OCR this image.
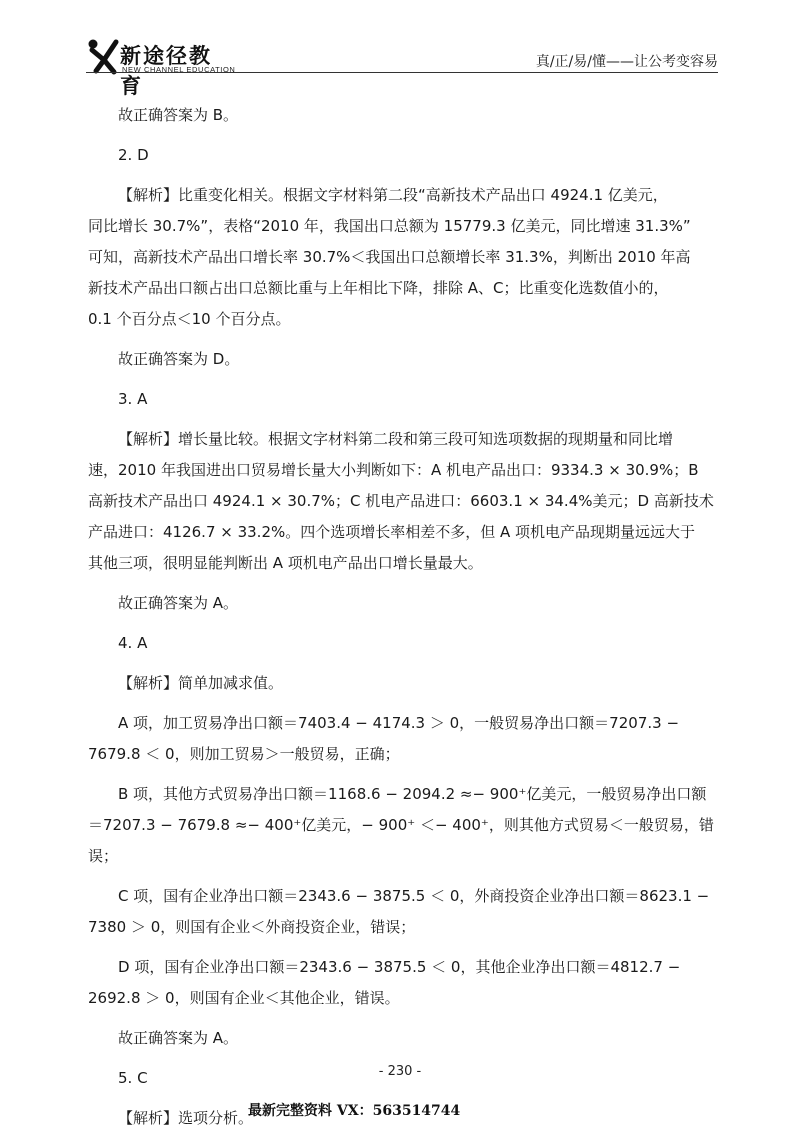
新途径教育
NEW CHANNEL EDUCATION	真/正/易/懂——让公考变容易

故正确答案为 B。

2. D

【解析】比重变化相关。根据文字材料第二段“高新技术产品出口 4924.1 亿美元，
同比增长 30.7%”，表格“2010 年，我国出口总额为 15779.3 亿美元，同比增速 31.3%”
可知，高新技术产品出口增长率 30.7%＜我国出口总额增长率 31.3%，判断出 2010 年高
新技术产品出口额占出口总额比重与上年相比下降，排除 A、C；比重变化选数值小的，
0.1 个百分点＜10 个百分点。

故正确答案为 D。

3. A

【解析】增长量比较。根据文字材料第二段和第三段可知选项数据的现期量和同比增
速，2010 年我国进出口贸易增长量大小判断如下：A 机电产品出口：9334.3 × 30.9%；B
高新技术产品出口 4924.1 × 30.7%；C 机电产品进口：6603.1 × 34.4%美元；D 高新技术
产品进口：4126.7 × 33.2%。四个选项增长率相差不多，但 A 项机电产品现期量远远大于
其他三项，很明显能判断出 A 项机电产品出口增长量最大。

故正确答案为 A。

4. A

【解析】简单加减求值。

A 项，加工贸易净出口额＝7403.4 − 4174.3 ＞ 0，一般贸易净出口额＝7207.3 −
7679.8 ＜ 0，则加工贸易＞一般贸易，正确；

B 项，其他方式贸易净出口额＝1168.6 − 2094.2 ≈− 900⁺亿美元，一般贸易净出口额
＝7207.3 − 7679.8 ≈− 400⁺亿美元，− 900⁺ ＜− 400⁺，则其他方式贸易＜一般贸易，错
误；

C 项，国有企业净出口额＝2343.6 − 3875.5 ＜ 0，外商投资企业净出口额＝8623.1 −
7380 ＞ 0，则国有企业＜外商投资企业，错误；

D 项，国有企业净出口额＝2343.6 − 3875.5 ＜ 0，其他企业净出口额＝4812.7 −
2692.8 ＞ 0，则国有企业＜其他企业，错误。

故正确答案为 A。

5. C

【解析】选项分析。

- 230 -
最新完整资料 VX：563514744
